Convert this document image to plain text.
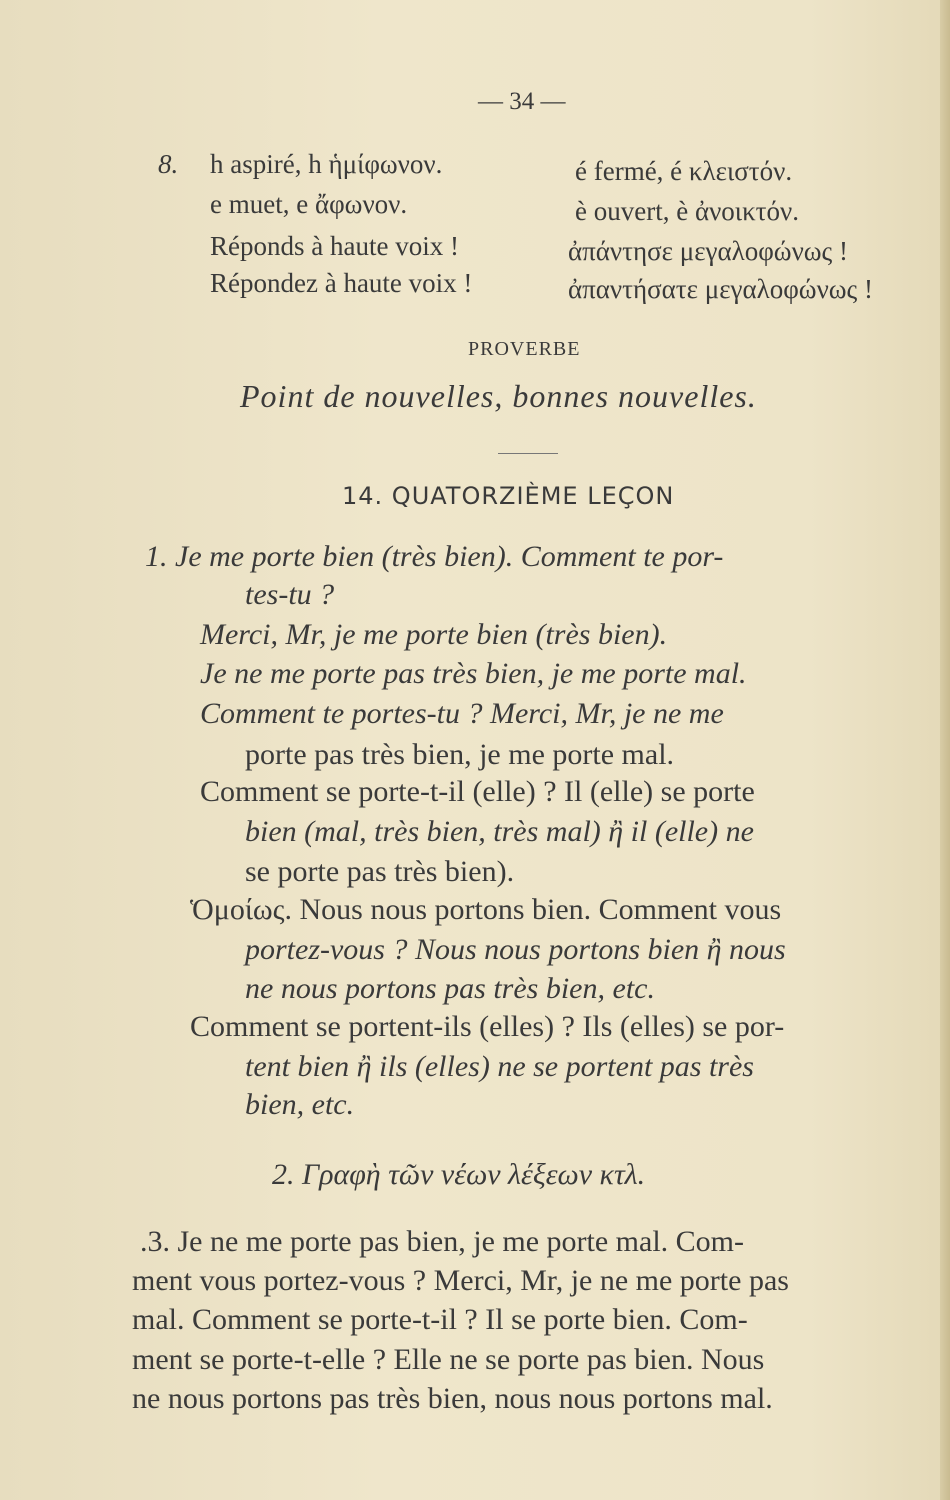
— 34 —
8. h aspiré, h ἡμίφωνον.
e muet, e ἄφωνον.
Réponds à haute voix !
Répondez à haute voix !
é fermé, é κλειστόν.
è ouvert, è ἀνοικτόν.
ἀπάντησε μεγαλοφώνως !
ἀπαντήσατε μεγαλοφώνως !
PROVERBE
Point de nouvelles, bonnes nouvelles.
14. QUATORZIÈME LEÇON
1. Je me porte bien (très bien). Comment te por-
tes-tu ?
Merci, Mr, je me porte bien (très bien).
Je ne me porte pas très bien, je me porte mal.
Comment te portes-tu ? Merci, Mr, je ne me
porte pas très bien, je me porte mal.
Comment se porte-t-il (elle) ? Il (elle) se porte
bien (mal, très bien, très mal) ἢ il (elle) ne
se porte pas très bien).
Ὁμοίως. Nous nous portons bien. Comment vous
portez-vous ? Nous nous portons bien ἢ nous
ne nous portons pas très bien, etc.
Comment se portent-ils (elles) ? Ils (elles) se por-
tent bien ἢ ils (elles) ne se portent pas très
bien, etc.
2. Γραφὴ τῶν νέων λέξεων κτλ.
.3. Je ne me porte pas bien, je me porte mal. Com-
ment vous portez-vous ? Merci, Mr, je ne me porte pas
mal. Comment se porte-t-il ? Il se porte bien. Com-
ment se porte-t-elle ? Elle ne se porte pas bien. Nous
ne nous portons pas très bien, nous nous portons mal.
